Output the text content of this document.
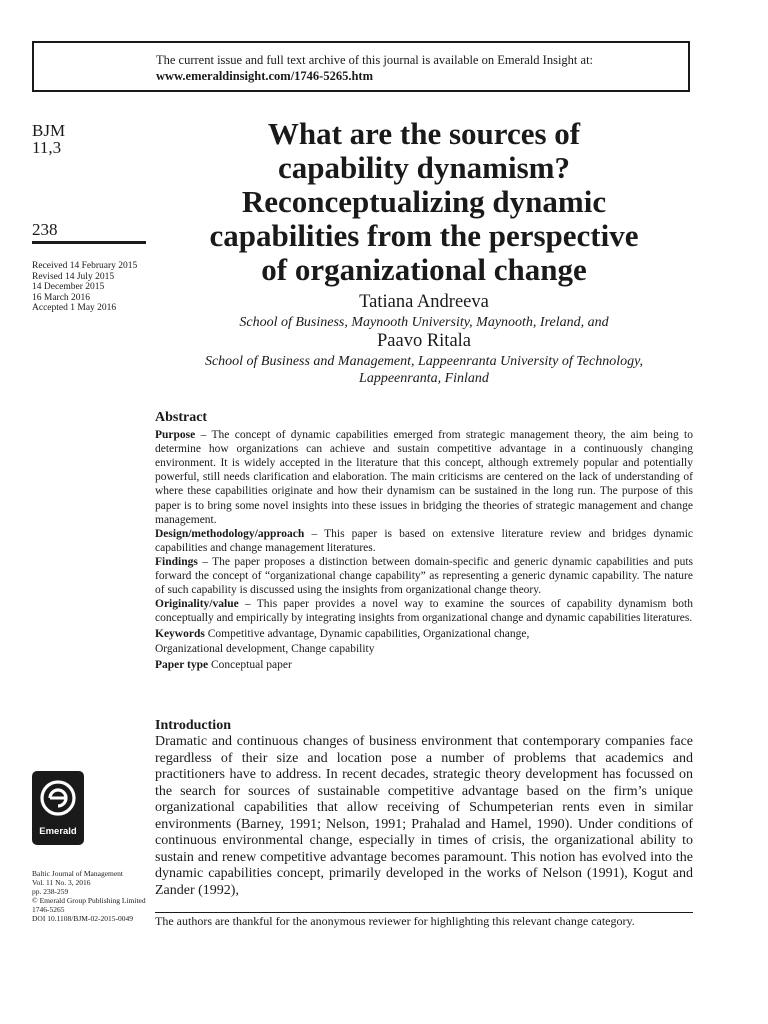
The current issue and full text archive of this journal is available on Emerald Insight at:
www.emeraldinsight.com/1746-5265.htm
BJM
11,3
238
Received 14 February 2015
Revised 14 July 2015
14 December 2015
16 March 2016
Accepted 1 May 2016
Emerald
Baltic Journal of Management
Vol. 11 No. 3, 2016
pp. 238-259
© Emerald Group Publishing Limited
1746-5265
DOI 10.1108/BJM-02-2015-0049
What are the sources of
capability dynamism?
Reconceptualizing dynamic
capabilities from the perspective
of organizational change
Tatiana Andreeva
School of Business, Maynooth University, Maynooth, Ireland, and
Paavo Ritala
School of Business and Management, Lappeenranta University of Technology,
Lappeenranta, Finland
Abstract
Purpose – The concept of dynamic capabilities emerged from strategic management theory, the aim being to determine how organizations can achieve and sustain competitive advantage in a continuously changing environment. It is widely accepted in the literature that this concept, although extremely popular and potentially powerful, still needs clarification and elaboration. The main criticisms are centered on the lack of understanding of where these capabilities originate and how their dynamism can be sustained in the long run. The purpose of this paper is to bring some novel insights into these issues in bridging the theories of strategic management and change management.
Design/methodology/approach – This paper is based on extensive literature review and bridges dynamic capabilities and change management literatures.
Findings – The paper proposes a distinction between domain-specific and generic dynamic capabilities and puts forward the concept of “organizational change capability” as representing a generic dynamic capability. The nature of such capability is discussed using the insights from organizational change theory.
Originality/value – This paper provides a novel way to examine the sources of capability dynamism both conceptually and empirically by integrating insights from organizational change and dynamic capabilities literatures.
Keywords Competitive advantage, Dynamic capabilities, Organizational change,
Organizational development, Change capability
Paper type Conceptual paper
Introduction

Dramatic and continuous changes of business environment that contemporary companies face regardless of their size and location pose a number of problems that academics and practitioners have to address. In recent decades, strategic theory development has focussed on the search for sources of sustainable competitive advantage based on the firm’s unique organizational capabilities that allow receiving of Schumpeterian rents even in similar environments (Barney, 1991; Nelson, 1991; Prahalad and Hamel, 1990). Under conditions of continuous environmental change, especially in times of crisis, the organizational ability to sustain and renew competitive advantage becomes paramount. This notion has evolved into the dynamic capabilities concept, primarily developed in the works of Nelson (1991), Kogut and Zander (1992),

The authors are thankful for the anonymous reviewer for highlighting this relevant change category.
